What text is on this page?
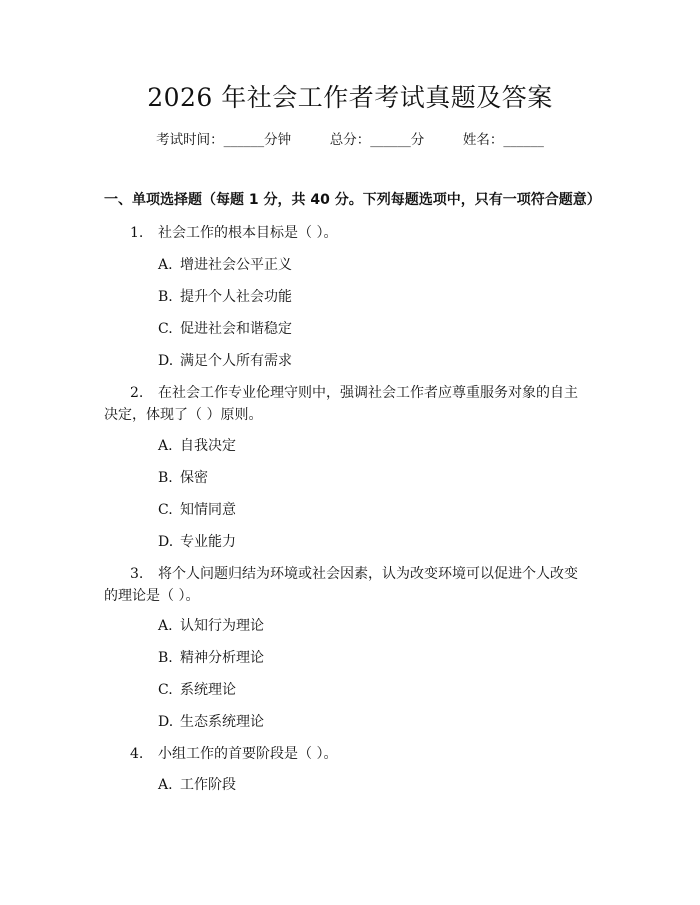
2026 年社会工作者考试真题及答案
考试时间：______分钟	总分：______分	姓名：______
一、单项选择题（每题 1 分，共 40 分。下列每题选项中，只有一项符合题意）
1. 社会工作的根本目标是（ ）。
A. 增进社会公平正义
B. 提升个人社会功能
C. 促进社会和谐稳定
D. 满足个人所有需求
2. 在社会工作专业伦理守则中，强调社会工作者应尊重服务对象的自主决定，体现了（ ）原则。
A. 自我决定
B. 保密
C. 知情同意
D. 专业能力
3. 将个人问题归结为环境或社会因素，认为改变环境可以促进个人改变的理论是（ ）。
A. 认知行为理论
B. 精神分析理论
C. 系统理论
D. 生态系统理论
4. 小组工作的首要阶段是（ ）。
A. 工作阶段
